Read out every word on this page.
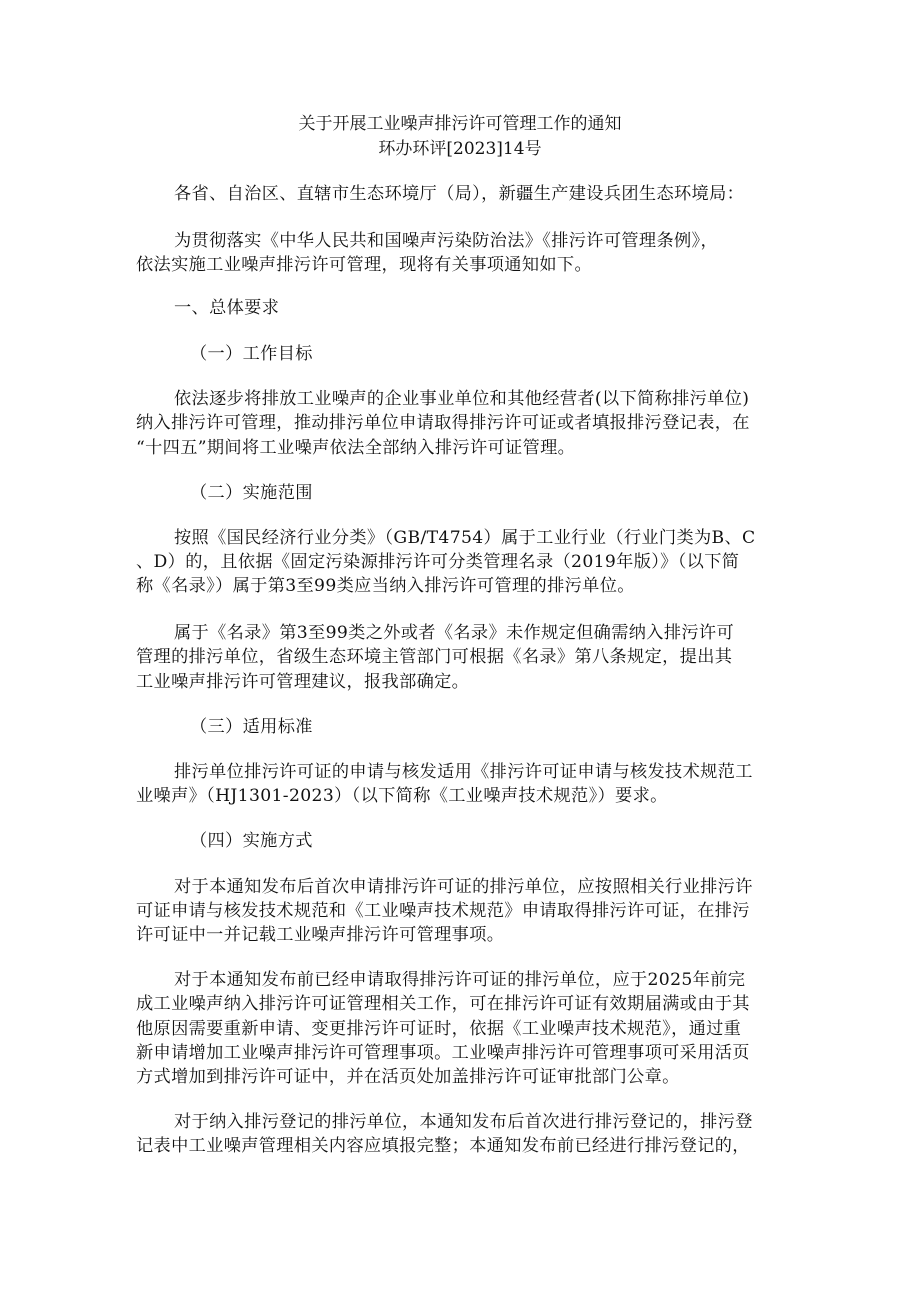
关于开展工业噪声排污许可管理工作的通知
环办环评[2023]14号
各省、自治区、直辖市生态环境厅（局），新疆生产建设兵团生态环境局：
为贯彻落实《中华人民共和国噪声污染防治法》《排污许可管理条例》，
依法实施工业噪声排污许可管理，现将有关事项通知如下。
一、总体要求
（一）工作目标
依法逐步将排放工业噪声的企业事业单位和其他经营者(以下简称排污单位)
纳入排污许可管理，推动排污单位申请取得排污许可证或者填报排污登记表，在
“十四五”期间将工业噪声依法全部纳入排污许可证管理。
（二）实施范围
按照《国民经济行业分类》（GB/T4754）属于工业行业（行业门类为B、C
、D）的，且依据《固定污染源排污许可分类管理名录（2019年版）》（以下简
称《名录》）属于第3至99类应当纳入排污许可管理的排污单位。
属于《名录》第3至99类之外或者《名录》未作规定但确需纳入排污许可
管理的排污单位，省级生态环境主管部门可根据《名录》第八条规定，提出其
工业噪声排污许可管理建议，报我部确定。
（三）适用标准
排污单位排污许可证的申请与核发适用《排污许可证申请与核发技术规范工
业噪声》（HJ1301-2023）（以下简称《工业噪声技术规范》）要求。
（四）实施方式
对于本通知发布后首次申请排污许可证的排污单位，应按照相关行业排污许
可证申请与核发技术规范和《工业噪声技术规范》申请取得排污许可证，在排污
许可证中一并记载工业噪声排污许可管理事项。
对于本通知发布前已经申请取得排污许可证的排污单位，应于2025年前完
成工业噪声纳入排污许可证管理相关工作，可在排污许可证有效期届满或由于其
他原因需要重新申请、变更排污许可证时，依据《工业噪声技术规范》，通过重
新申请增加工业噪声排污许可管理事项。工业噪声排污许可管理事项可采用活页
方式增加到排污许可证中，并在活页处加盖排污许可证审批部门公章。
对于纳入排污登记的排污单位，本通知发布后首次进行排污登记的，排污登
记表中工业噪声管理相关内容应填报完整；本通知发布前已经进行排污登记的，
